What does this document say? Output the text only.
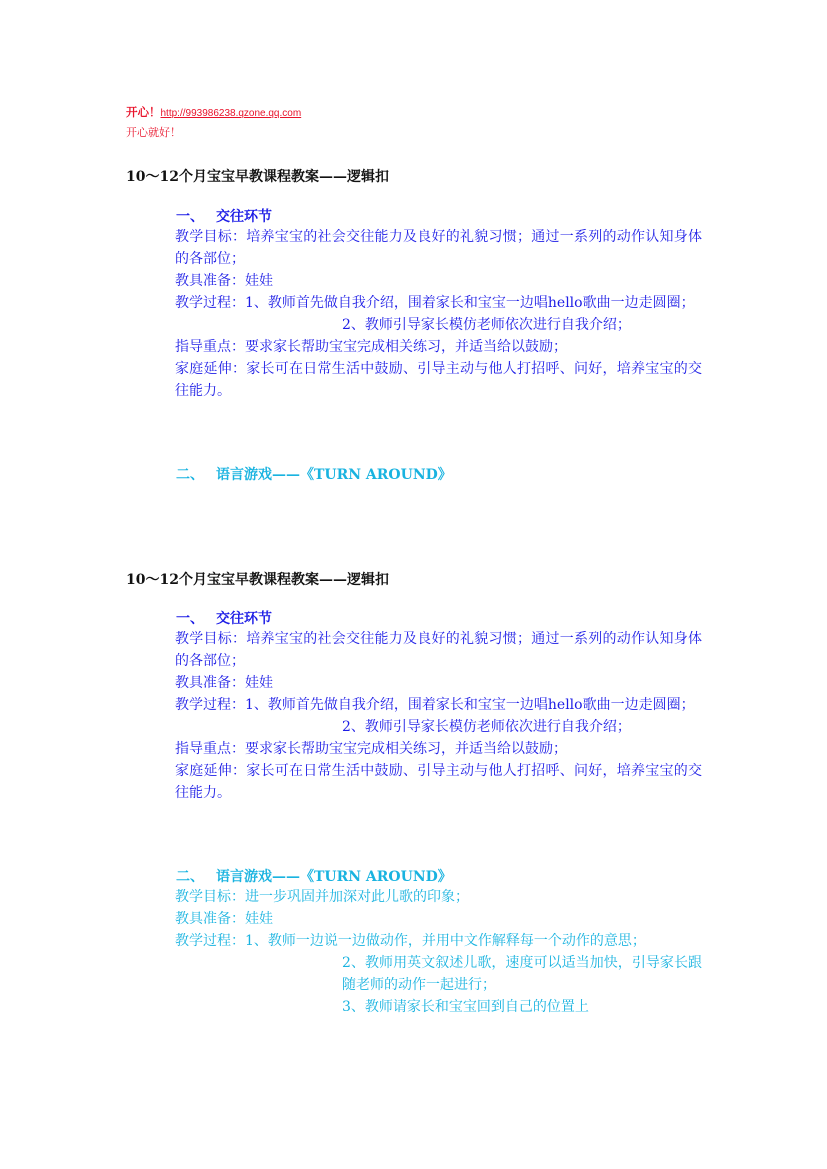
开心！http://993986238.qzone.qq.com
开心就好！
10～12个月宝宝早教课程教案——逻辑扣
一、 交往环节

教学目标：培养宝宝的社会交往能力及良好的礼貌习惯；通过一系列的动作认知身体的各部位；

教具准备：娃娃

教学过程：1、教师首先做自我介绍，围着家长和宝宝一边唱hello歌曲一边走圆圈；

2、教师引导家长模仿老师依次进行自我介绍；

指导重点：要求家长帮助宝宝完成相关练习，并适当给以鼓励；

家庭延伸：家长可在日常生活中鼓励、引导主动与他人打招呼、问好，培养宝宝的交往能力。

二、 语言游戏——《TURN AROUND》
10～12个月宝宝早教课程教案——逻辑扣
一、 交往环节

教学目标：培养宝宝的社会交往能力及良好的礼貌习惯；通过一系列的动作认知身体的各部位；

教具准备：娃娃

教学过程：1、教师首先做自我介绍，围着家长和宝宝一边唱hello歌曲一边走圆圈；

2、教师引导家长模仿老师依次进行自我介绍；

指导重点：要求家长帮助宝宝完成相关练习，并适当给以鼓励；

家庭延伸：家长可在日常生活中鼓励、引导主动与他人打招呼、问好，培养宝宝的交往能力。

二、 语言游戏——《TURN AROUND》

教学目标：进一步巩固并加深对此儿歌的印象；

教具准备：娃娃

教学过程：1、教师一边说一边做动作，并用中文作解释每一个动作的意思；

2、教师用英文叙述儿歌，速度可以适当加快，引导家长跟随老师的动作一起进行；

3、教师请家长和宝宝回到自己的位置上
